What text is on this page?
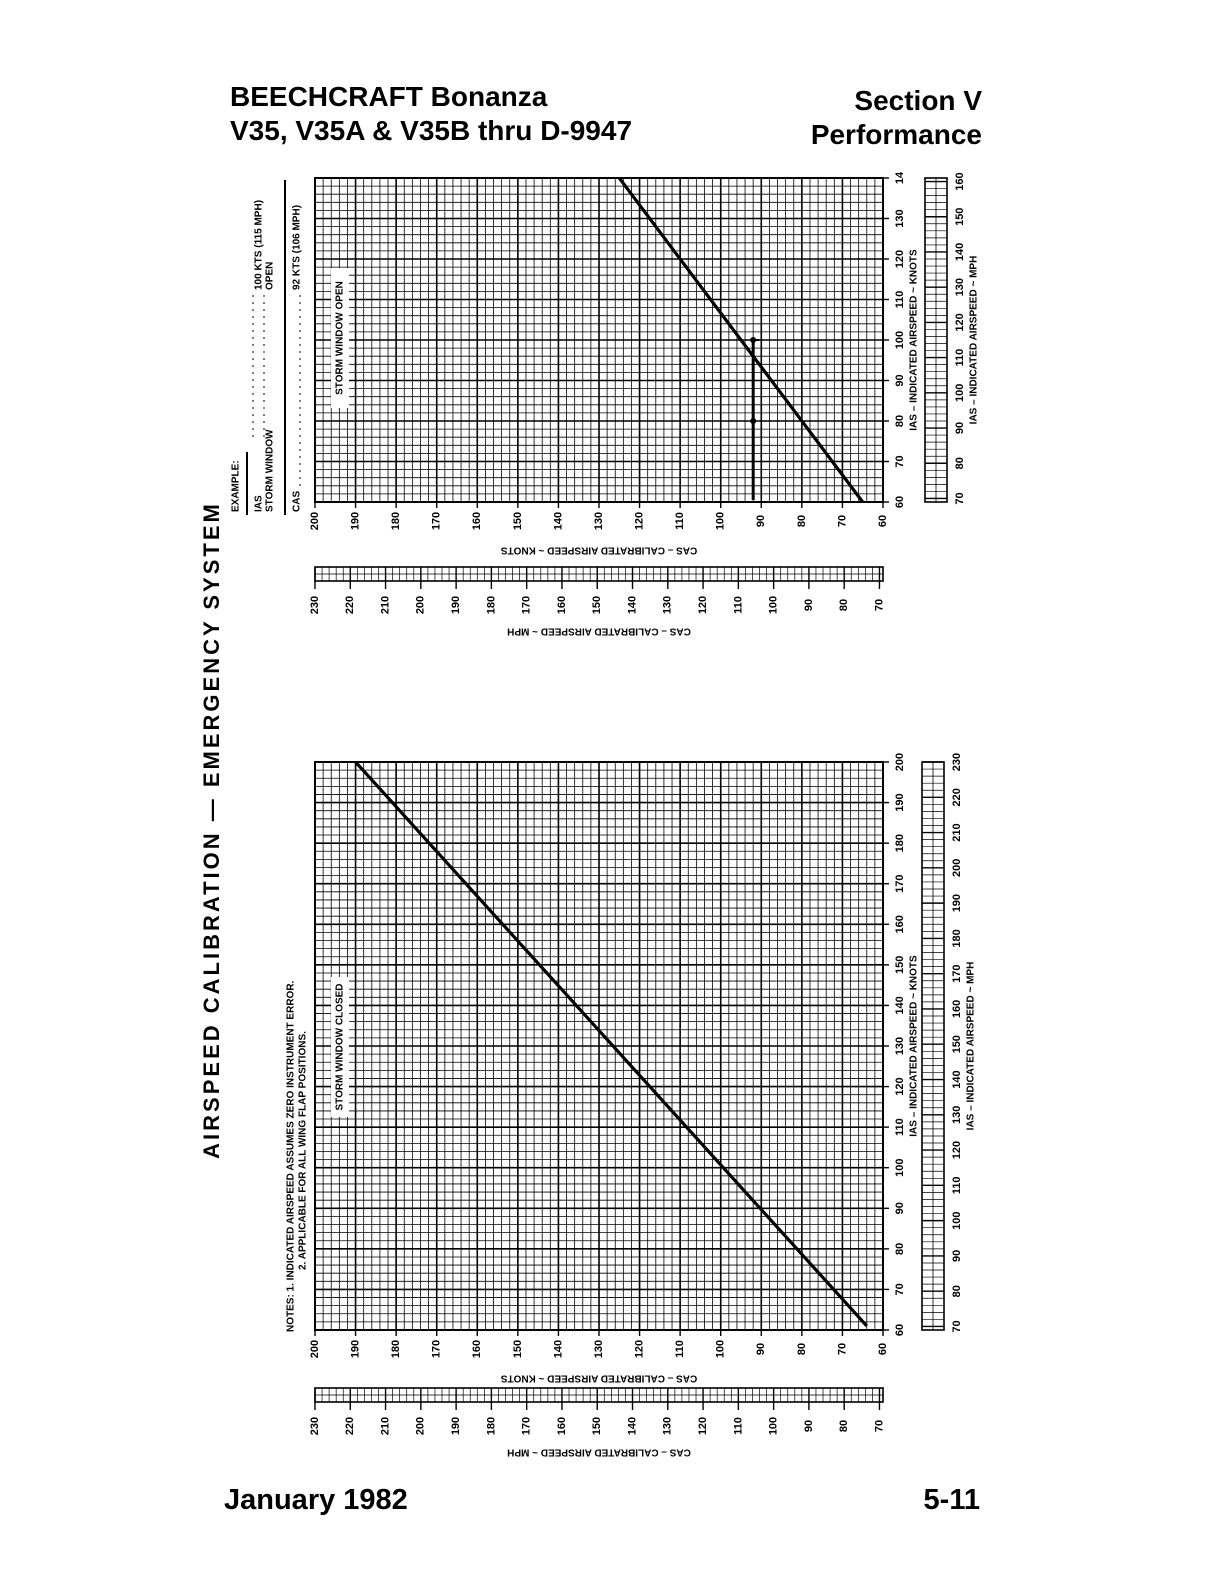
BEECHCRAFT Bonanza
V35, V35A & V35B thru D-9947
Section V
Performance
AIRSPEED CALIBRATION — EMERGENCY SYSTEM	60
70
80
90
100
110
120
130
14
IAS – INDICATED AIRSPEED ~ KNOTS
70
80
90
100
110
120
130
140
150
160
IAS – INDICATED AIRSPEED ~ MPH
60
70
80
90
100
110
120
130
140
150
160
170
180
190
200
CAS – CALIBRATED AIRSPEED ~ KNOTS
70
80
90
100
110
120
130
140
150
160
170
180
190
200
210
220
230
CAS – CALIBRATED AIRSPEED ~ MPH
STORM WINDOW OPEN
EXAMPLE: IAS STORM WINDOW CAS
100 KTS (115 MPH) OPEN 92 KTS (106 MPH)
60
70
80
90
100
110
120
130
140
150
160
170
180
190
200
IAS – INDICATED AIRSPEED ~ KNOTS
70
80
90
100
110
120
130
140
150
160
170
180
190
200
210
220
230
IAS – INDICATED AIRSPEED ~ MPH
60
70
80
90
100
110
120
130
140
150
160
170
180
190
200
CAS – CALIBRATED AIRSPEED ~ KNOTS
70
80
90
100
110
120
130
140
150
160
170
180
190
200
210
220
230
CAS – CALIBRATED AIRSPEED ~ MPH
STORM WINDOW CLOSED
NOTES: 1. INDICATED AIRSPEED ASSUMES ZERO INSTRUMENT ERROR. 2. APPLICABLE FOR ALL WING FLAP POSITIONS.
January 1982	5-11
